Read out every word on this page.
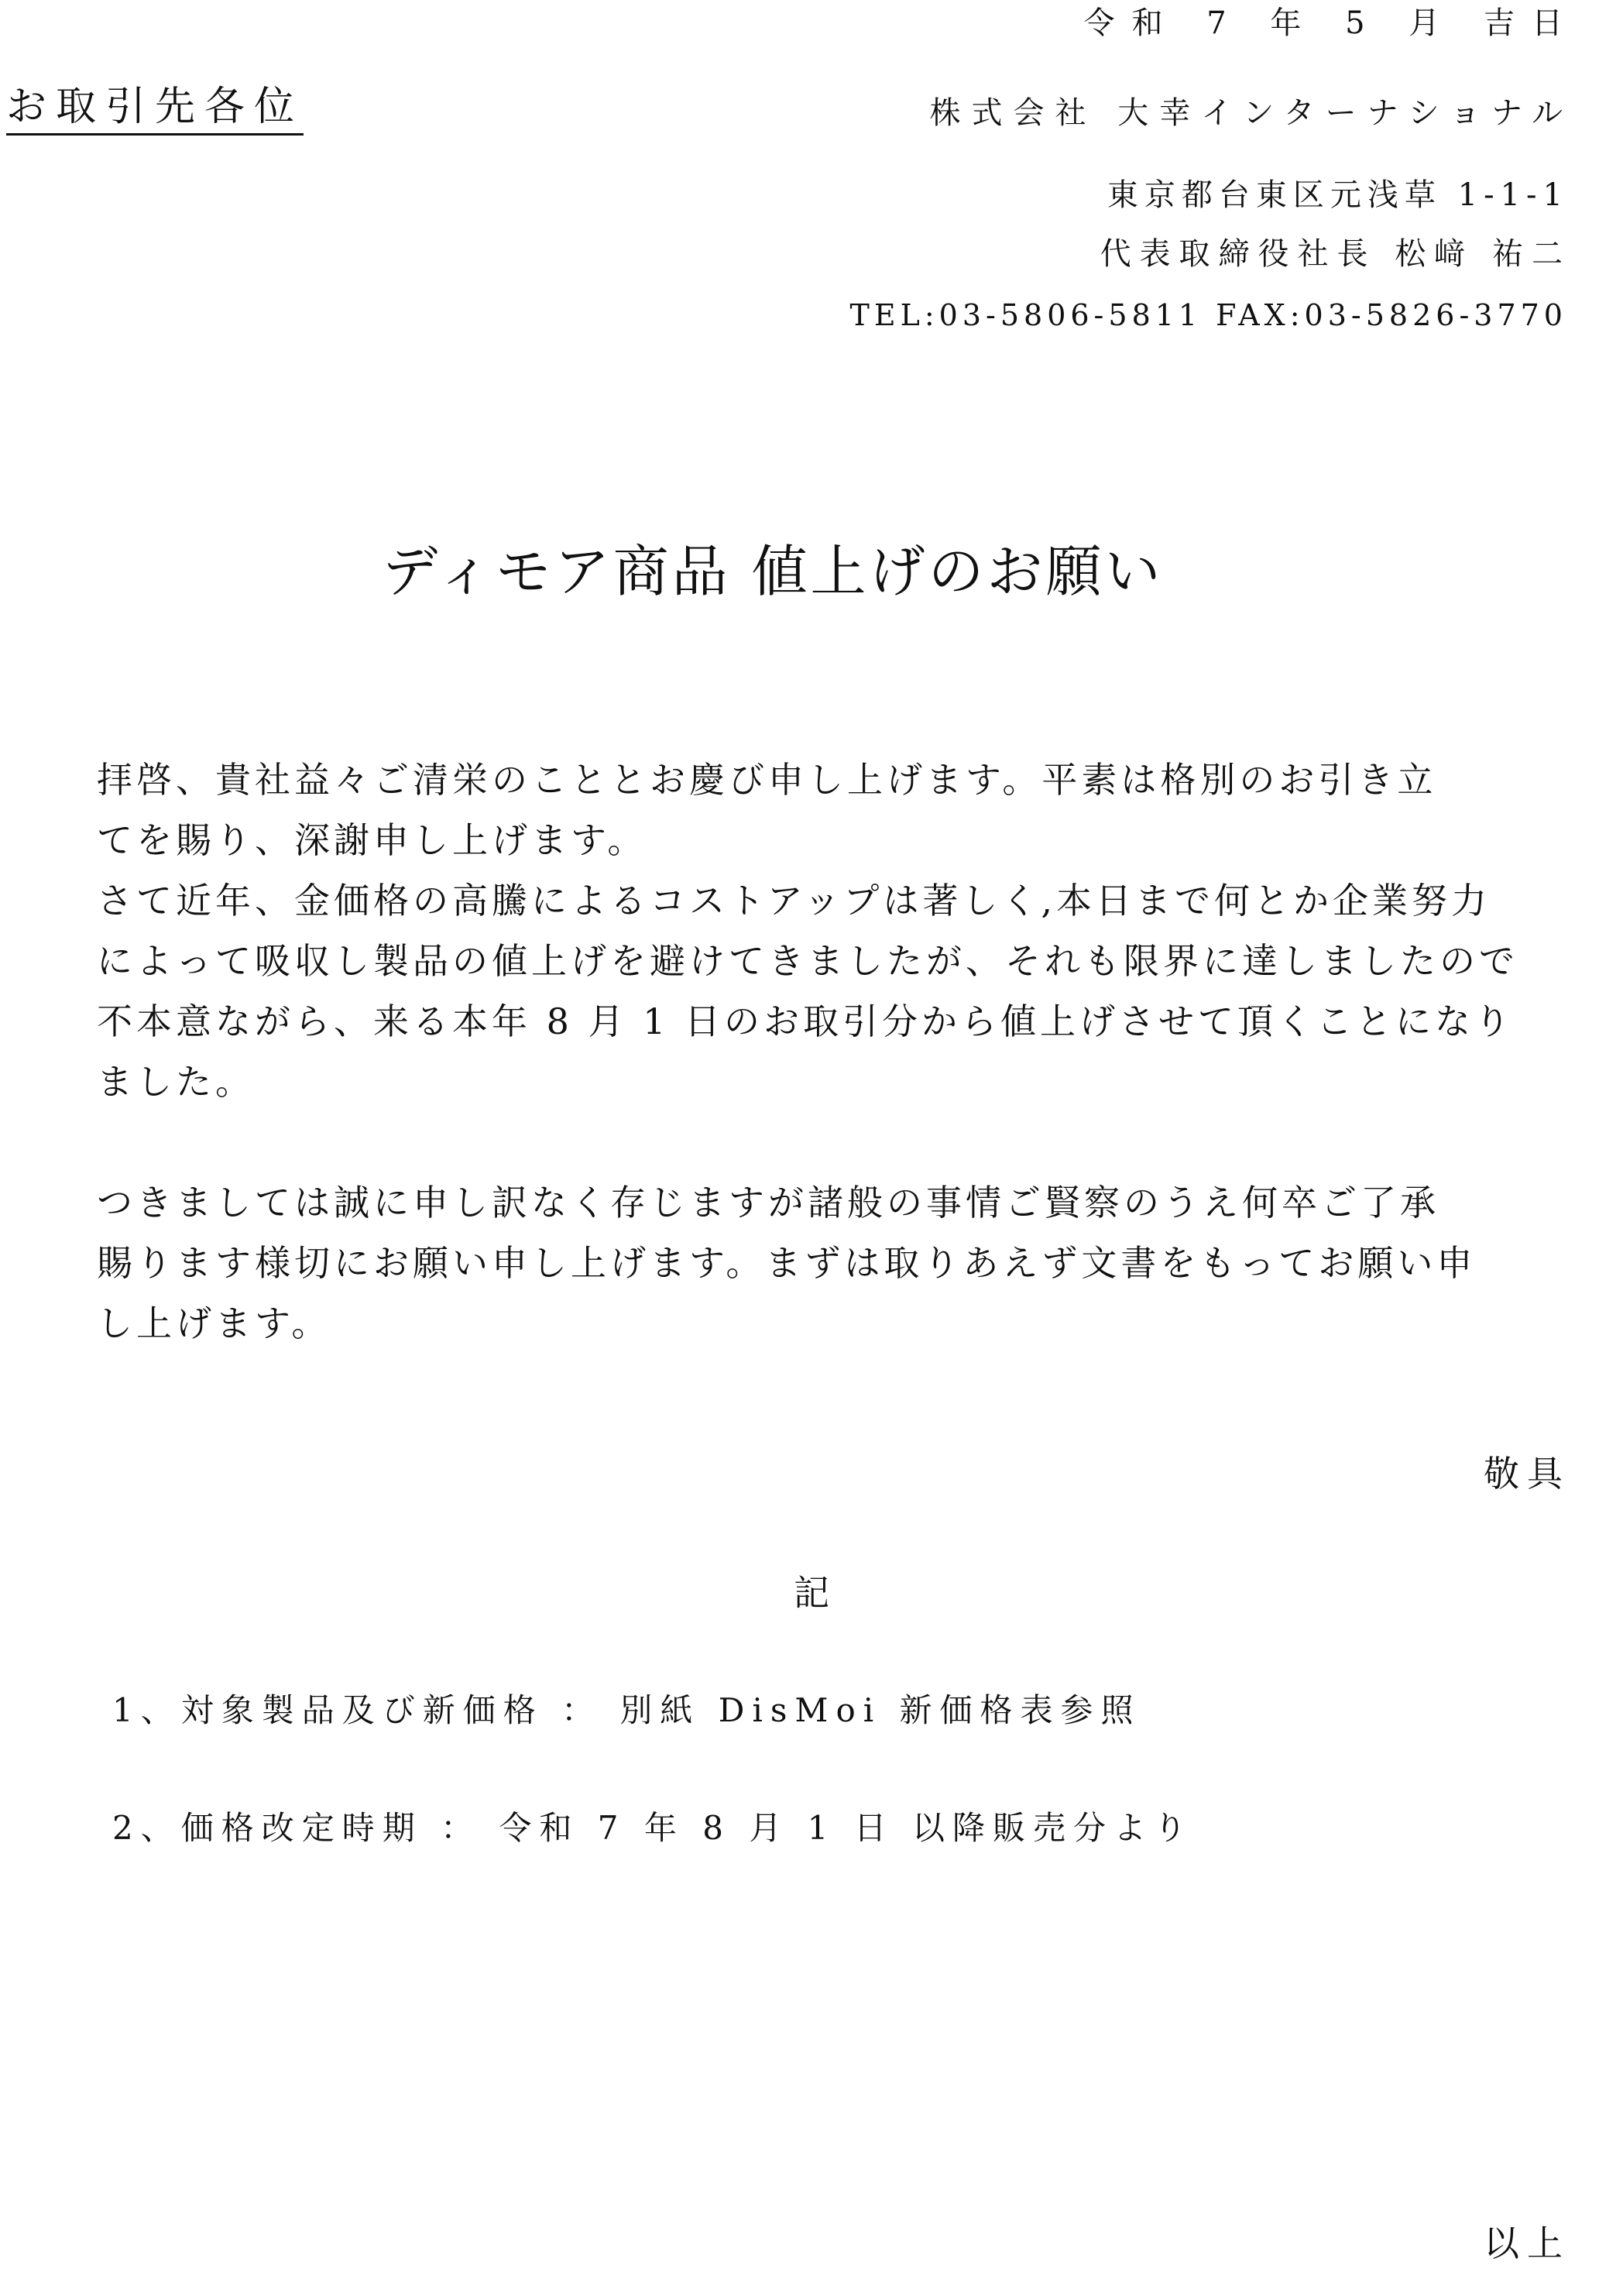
令和 7 年 5 月 吉日
お取引先各位	株式会社 大幸インターナショナル
東京都台東区元浅草 1-1-1
代表取締役社長 松﨑 祐二
TEL:03-5806-5811 FAX:03-5826-3770
ディモア商品 値上げのお願い
拝啓、貴社益々ご清栄のこととお慶び申し上げます。平素は格別のお引き立
てを賜り、深謝申し上げます。
さて近年、金価格の高騰によるコストアップは著しく,本日まで何とか企業努力
によって吸収し製品の値上げを避けてきましたが、それも限界に達しましたので
不本意ながら、来る本年 8 月 1 日のお取引分から値上げさせて頂くことになり
ました。
つきましては誠に申し訳なく存じますが諸般の事情ご賢察のうえ何卒ご了承
賜ります様切にお願い申し上げます。まずは取りあえず文書をもってお願い申
し上げます。
敬具
記
1、対象製品及び新価格 ： 別紙 DisMoi 新価格表参照
2、価格改定時期 ： 令和 7 年 8 月 1 日 以降販売分より
以上
